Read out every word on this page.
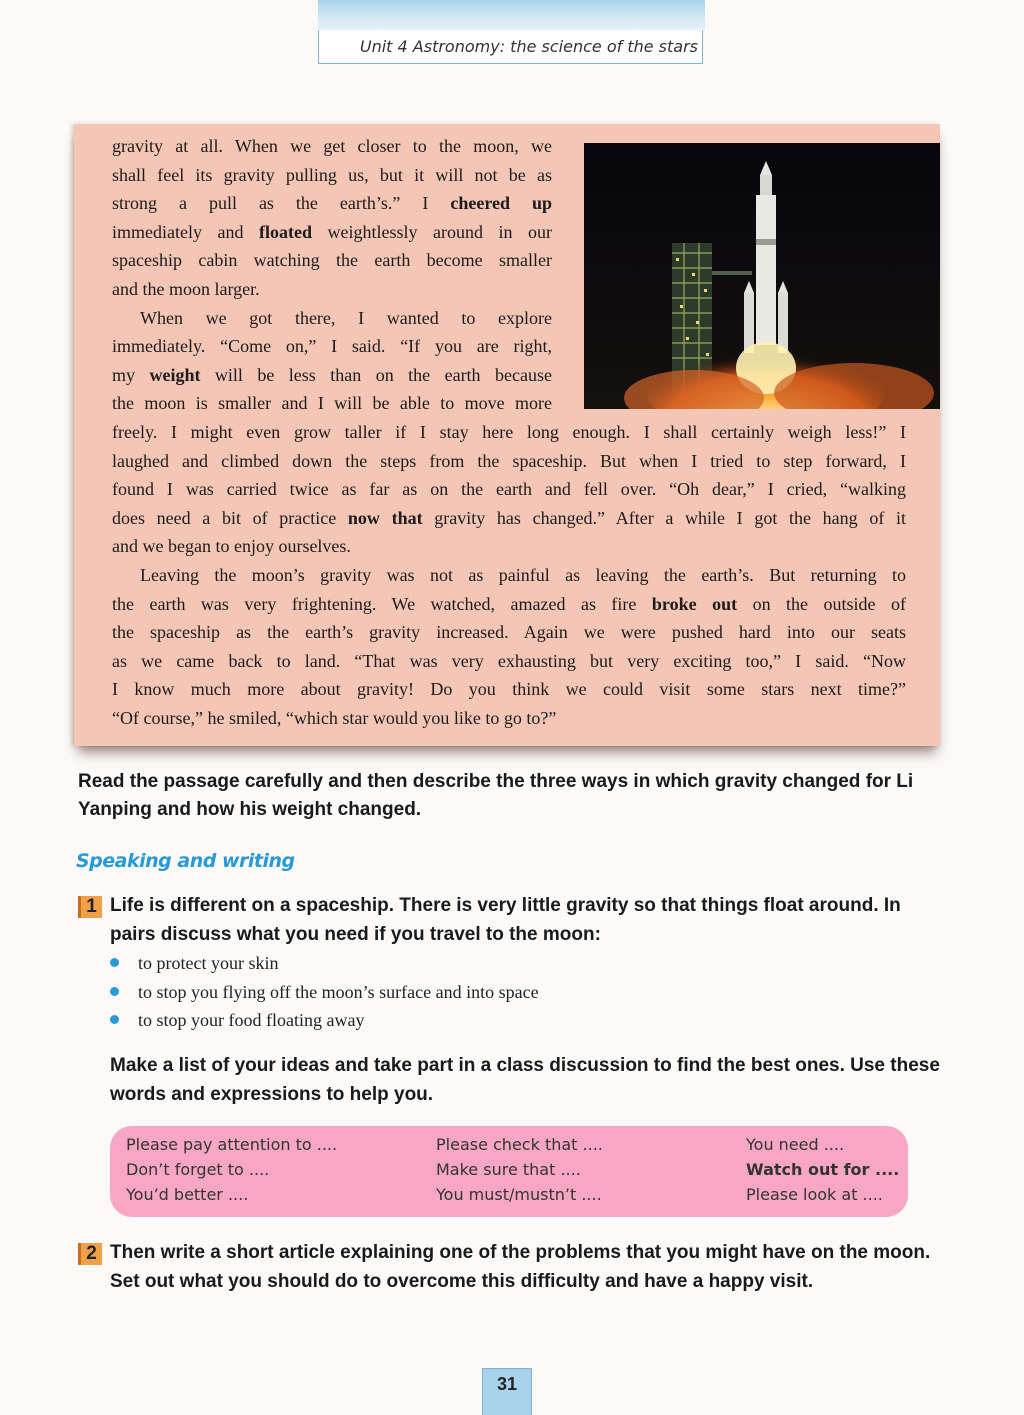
Unit 4 Astronomy: the science of the stars
gravity at all. When we get closer to the moon, we
shall feel its gravity pulling us, but it will not be as
strong a pull as the earth’s.” I cheered up
immediately and floated weightlessly around in our
spaceship cabin watching the earth become smaller
and the moon larger.
When we got there, I wanted to explore
immediately. “Come on,” I said. “If you are right,
my weight will be less than on the earth because
the moon is smaller and I will be able to move more
freely. I might even grow taller if I stay here long enough. I shall certainly weigh less!” I
laughed and climbed down the steps from the spaceship. But when I tried to step forward, I
found I was carried twice as far as on the earth and fell over. “Oh dear,” I cried, “walking
does need a bit of practice now that gravity has changed.” After a while I got the hang of it
and we began to enjoy ourselves.
Leaving the moon’s gravity was not as painful as leaving the earth’s. But returning to
the earth was very frightening. We watched, amazed as fire broke out on the outside of
the spaceship as the earth’s gravity increased. Again we were pushed hard into our seats
as we came back to land. “That was very exhausting but very exciting too,” I said. “Now
I know much more about gravity! Do you think we could visit some stars next time?”
“Of course,” he smiled, “which star would you like to go to?”
Read the passage carefully and then describe the three ways in which gravity changed for Li Yanping and how his weight changed.
Speaking and writing
1 Life is different on a spaceship. There is very little gravity so that things float around. In pairs discuss what you need if you travel to the moon:
to protect your skin
to stop you flying off the moon’s surface and into space
to stop your food floating away
Make a list of your ideas and take part in a class discussion to find the best ones. Use these words and expressions to help you.
Please pay attention to ....
Don’t forget to ....
You’d better ....
Please check that ....
Make sure that ....
You must/mustn’t ....
You need ....
Watch out for ....
Please look at ....
2 Then write a short article explaining one of the problems that you might have on the moon. Set out what you should do to overcome this difficulty and have a happy visit.
31
